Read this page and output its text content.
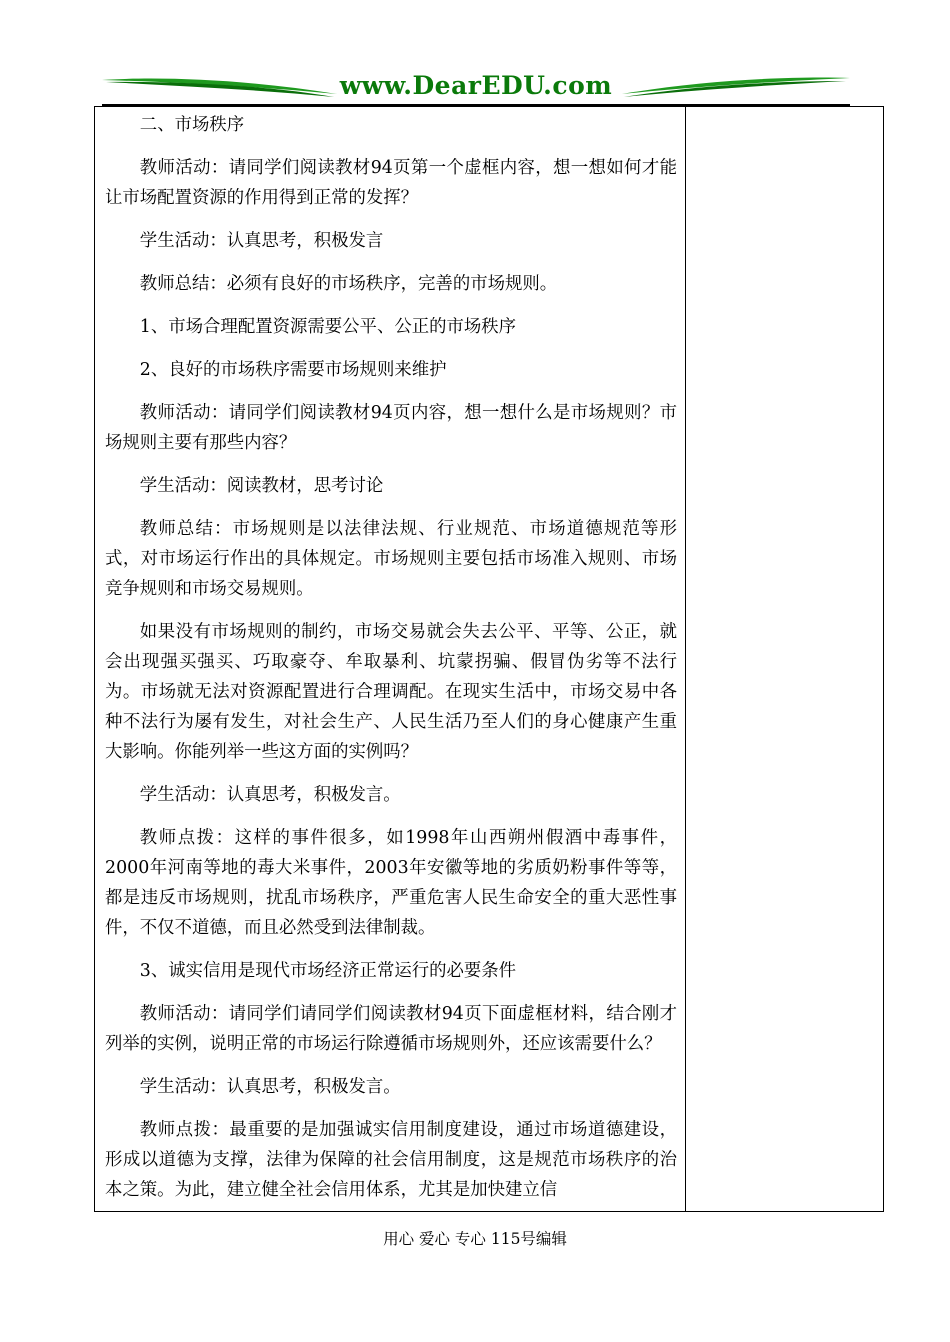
www.DearEDU.com

二、市场秩序

教师活动：请同学们阅读教材94页第一个虚框内容，想一想如何才能让市场配置资源的作用得到正常的发挥？

学生活动：认真思考，积极发言

教师总结：必须有良好的市场秩序，完善的市场规则。

1、市场合理配置资源需要公平、公正的市场秩序

2、良好的市场秩序需要市场规则来维护

教师活动：请同学们阅读教材94页内容，想一想什么是市场规则？市场规则主要有那些内容？

学生活动：阅读教材，思考讨论

教师总结：市场规则是以法律法规、行业规范、市场道德规范等形式，对市场运行作出的具体规定。市场规则主要包括市场准入规则、市场竞争规则和市场交易规则。

如果没有市场规则的制约，市场交易就会失去公平、平等、公正，就会出现强买强买、巧取豪夺、牟取暴利、坑蒙拐骗、假冒伪劣等不法行为。市场就无法对资源配置进行合理调配。在现实生活中，市场交易中各种不法行为屡有发生，对社会生产、人民生活乃至人们的身心健康产生重大影响。你能列举一些这方面的实例吗？

学生活动：认真思考，积极发言。

教师点拨：这样的事件很多，如1998年山西朔州假酒中毒事件，2000年河南等地的毒大米事件，2003年安徽等地的劣质奶粉事件等等，都是违反市场规则，扰乱市场秩序，严重危害人民生命安全的重大恶性事件，不仅不道德，而且必然受到法律制裁。

3、诚实信用是现代市场经济正常运行的必要条件

教师活动：请同学们请同学们阅读教材94页下面虚框材料，结合刚才列举的实例，说明正常的市场运行除遵循市场规则外，还应该需要什么？

学生活动：认真思考，积极发言。

教师点拨：最重要的是加强诚实信用制度建设，通过市场道德建设，形成以道德为支撑，法律为保障的社会信用制度，这是规范市场秩序的治本之策。为此，建立健全社会信用体系，尤其是加快建立信

用心 爱心 专心 115号编辑
